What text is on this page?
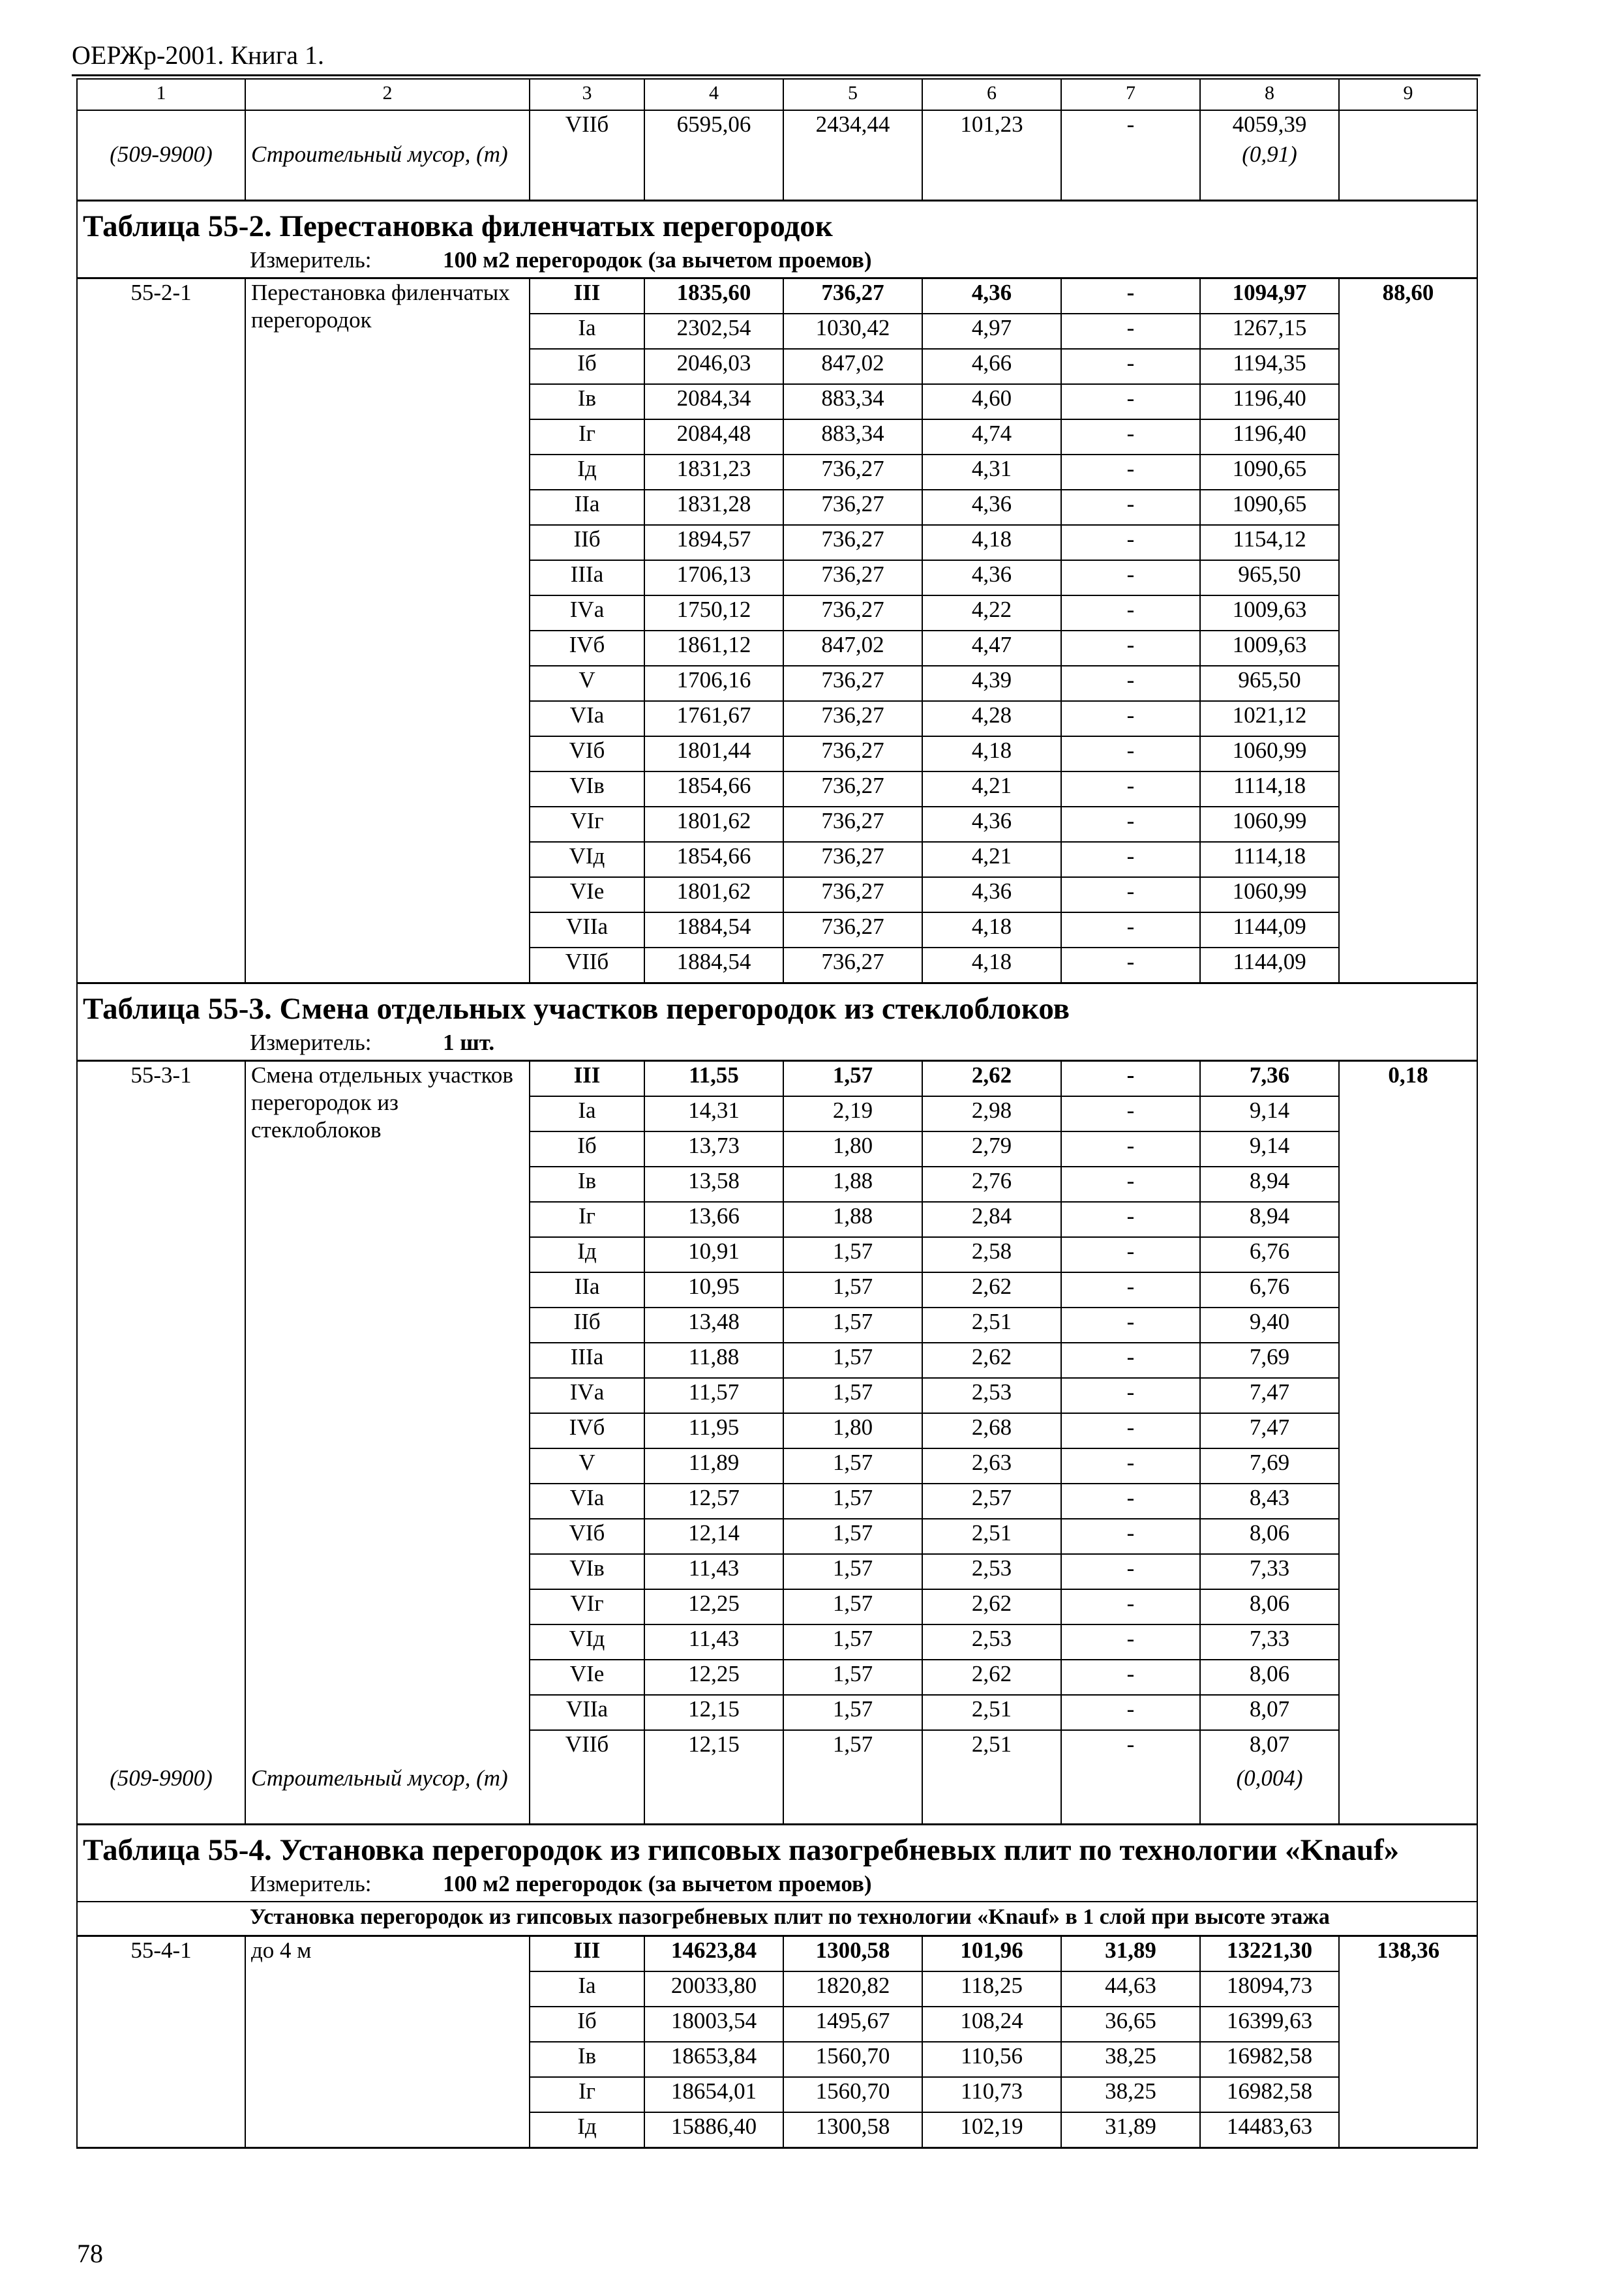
ОЕРЖр-2001. Книга 1.
1	2	3	4	5	6	7	8	9
		VIIб	6595,06	2434,44	101,23	-	4059,39	
(509-9900)	Строительный мусор, (т)						(0,91)	
Таблица 55-2. Перестановка филенчатых перегородок								
Измеритель: 100 м2 перегородок (за вычетом проемов)								
55-2-1	Перестановка филенчатых перегородок	III	1835,60	736,27	4,36	-	1094,97	88,60
		Iа	2302,54	1030,42	4,97	-	1267,15	
		Iб	2046,03	847,02	4,66	-	1194,35	
		Iв	2084,34	883,34	4,60	-	1196,40	
		Iг	2084,48	883,34	4,74	-	1196,40	
		Iд	1831,23	736,27	4,31	-	1090,65	
		IIа	1831,28	736,27	4,36	-	1090,65	
		IIб	1894,57	736,27	4,18	-	1154,12	
		IIIа	1706,13	736,27	4,36	-	965,50	
		IVа	1750,12	736,27	4,22	-	1009,63	
		IVб	1861,12	847,02	4,47	-	1009,63	
		V	1706,16	736,27	4,39	-	965,50	
		VIа	1761,67	736,27	4,28	-	1021,12	
		VIб	1801,44	736,27	4,18	-	1060,99	
		VIв	1854,66	736,27	4,21	-	1114,18	
		VIг	1801,62	736,27	4,36	-	1060,99	
		VIд	1854,66	736,27	4,21	-	1114,18	
		VIе	1801,62	736,27	4,36	-	1060,99	
		VIIа	1884,54	736,27	4,18	-	1144,09	
		VIIб	1884,54	736,27	4,18	-	1144,09	
Таблица 55-3. Смена отдельных участков перегородок из стеклоблоков								
Измеритель: 1 шт.								
55-3-1	Смена отдельных участков перегородок из стеклоблоков	III	11,55	1,57	2,62	-	7,36	0,18
		Iа	14,31	2,19	2,98	-	9,14	
		Iб	13,73	1,80	2,79	-	9,14	
		Iв	13,58	1,88	2,76	-	8,94	
		Iг	13,66	1,88	2,84	-	8,94	
		Iд	10,91	1,57	2,58	-	6,76	
		IIа	10,95	1,57	2,62	-	6,76	
		IIб	13,48	1,57	2,51	-	9,40	
		IIIа	11,88	1,57	2,62	-	7,69	
		IVа	11,57	1,57	2,53	-	7,47	
		IVб	11,95	1,80	2,68	-	7,47	
		V	11,89	1,57	2,63	-	7,69	
		VIа	12,57	1,57	2,57	-	8,43	
		VIб	12,14	1,57	2,51	-	8,06	
		VIв	11,43	1,57	2,53	-	7,33	
		VIг	12,25	1,57	2,62	-	8,06	
		VIд	11,43	1,57	2,53	-	7,33	
		VIе	12,25	1,57	2,62	-	8,06	
		VIIа	12,15	1,57	2,51	-	8,07	
		VIIб	12,15	1,57	2,51	-	8,07	
(509-9900)	Строительный мусор, (т)						(0,004)	
Таблица 55-4. Установка перегородок из гипсовых пазогребневых плит по технологии «Knauf»								
Измеритель: 100 м2 перегородок (за вычетом проемов)								
Установка перегородок из гипсовых пазогребневых плит по технологии «Knauf» в 1 слой при высоте этажа								
55-4-1	до 4 м	III	14623,84	1300,58	101,96	31,89	13221,30	138,36
		Iа	20033,80	1820,82	118,25	44,63	18094,73	
		Iб	18003,54	1495,67	108,24	36,65	16399,63	
		Iв	18653,84	1560,70	110,56	38,25	16982,58	
		Iг	18654,01	1560,70	110,73	38,25	16982,58	
		Iд	15886,40	1300,58	102,19	31,89	14483,63	
78
